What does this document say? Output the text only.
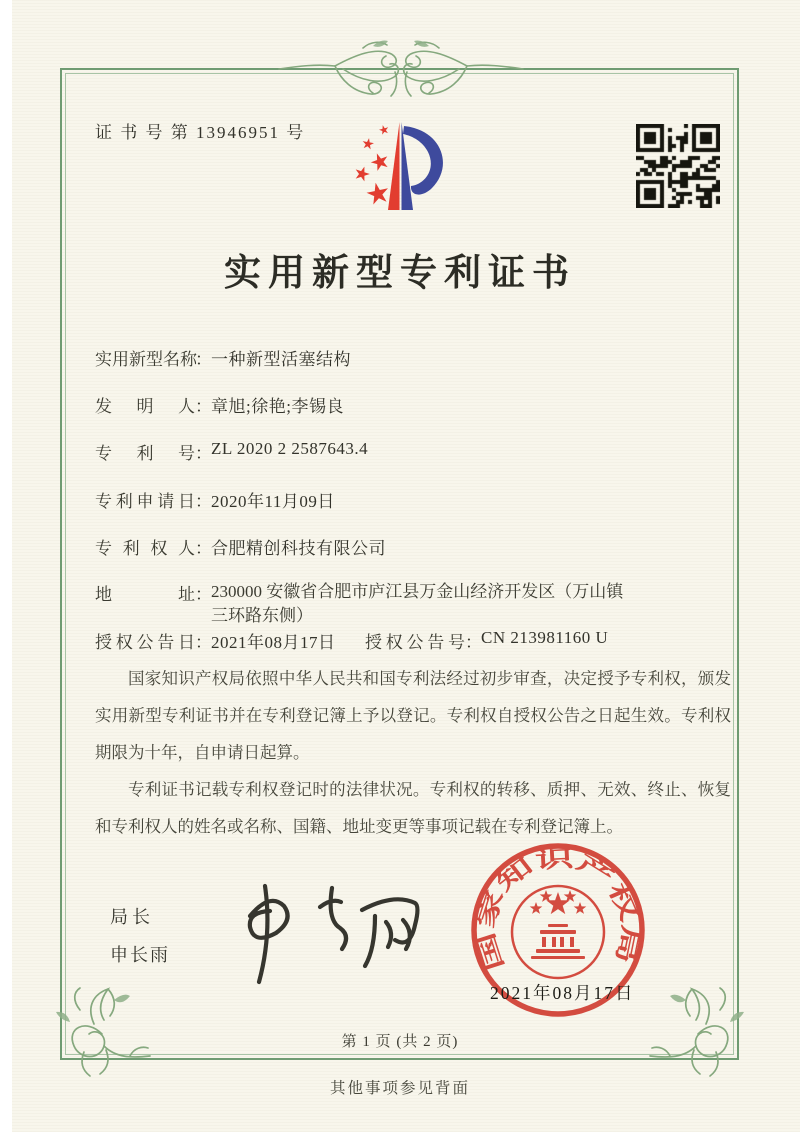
证 书 号 第 13946951 号
实用新型专利证书
实用新型名称：一种新型活塞结构
发明人：章旭;徐艳;李锡良
专利号：ZL 2020 2 2587643.4
专利申请日：2020年11月09日
专利权人：合肥精创科技有限公司
地址：230000 安徽省合肥市庐江县万金山经济开发区（万山镇
三环路东侧）
授权公告日：2021年08月17日 授权公告号：CN 213981160 U

国家知识产权局依照中华人民共和国专利法经过初步审查，决定授予专利权，颁发实用新型专利证书并在专利登记簿上予以登记。专利权自授权公告之日起生效。专利权期限为十年，自申请日起算。

专利证书记载专利权登记时的法律状况。专利权的转移、质押、无效、终止、恢复和专利权人的姓名或名称、国籍、地址变更等事项记载在专利登记簿上。

局长
申长雨	国家知识产权局
2021年08月17日
第 1 页 (共 2 页)
其他事项参见背面
